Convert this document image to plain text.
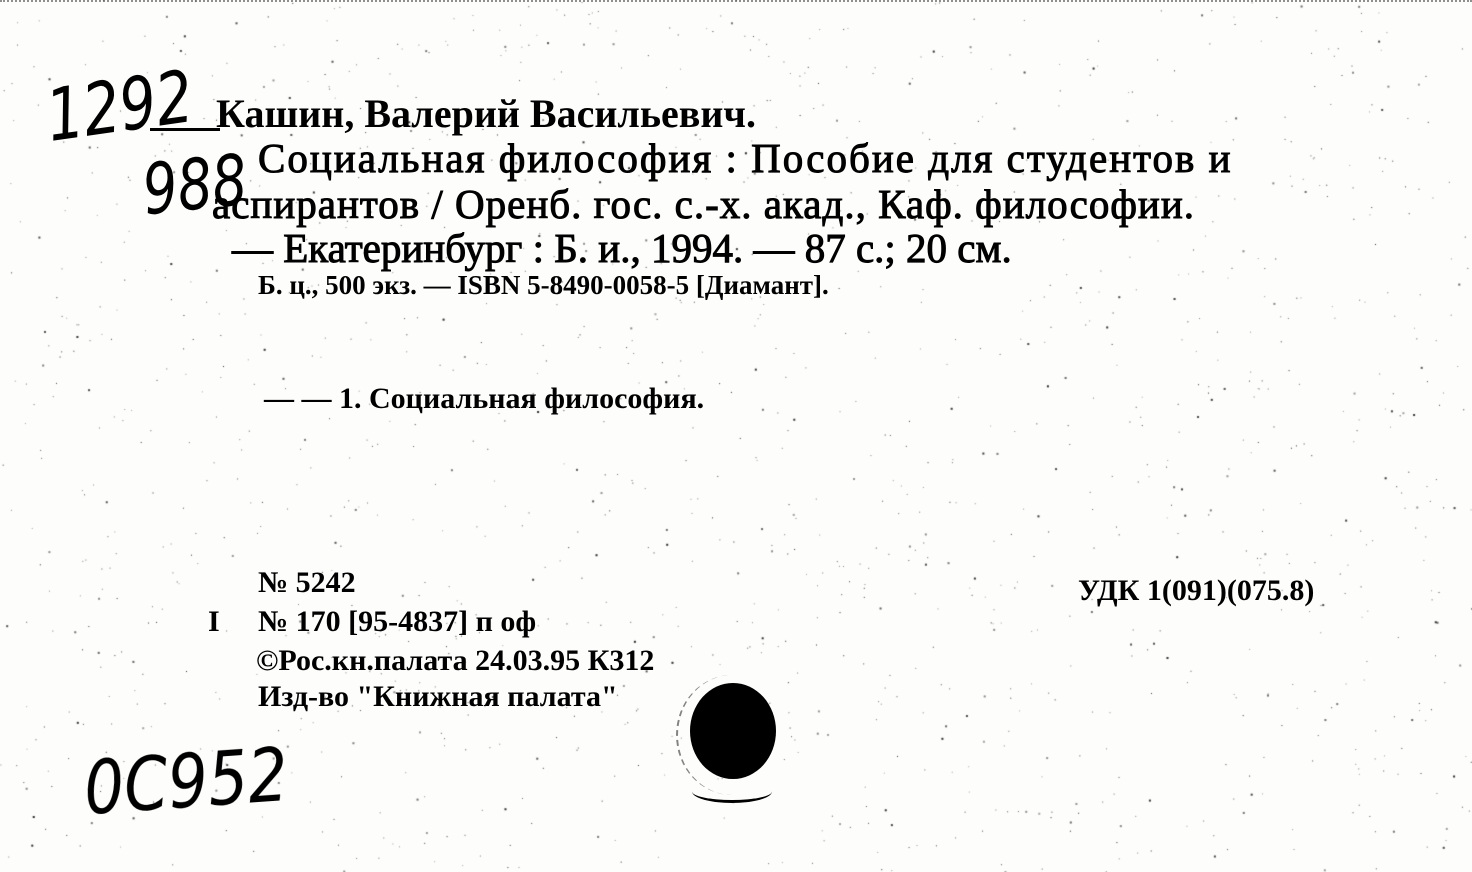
1292
988
0C952
Кашин, Валерий Васильевич.
Социальная философия : Пособие для студентов и
аспирантов / Оренб. гос. с.-х. акад., Каф. философии.
— Екатеринбург : Б. и., 1994. — 87 с.; 20 см.
Б. ц., 500 экз. — ISBN 5-8490-0058-5 [Диамант].
— — 1. Социальная философия.
№ 5242	УДК 1(091)(075.8)
I № 170 [95-4837] п оф
©Рос.кн.палата 24.03.95 К312
Изд-во "Книжная палата"
